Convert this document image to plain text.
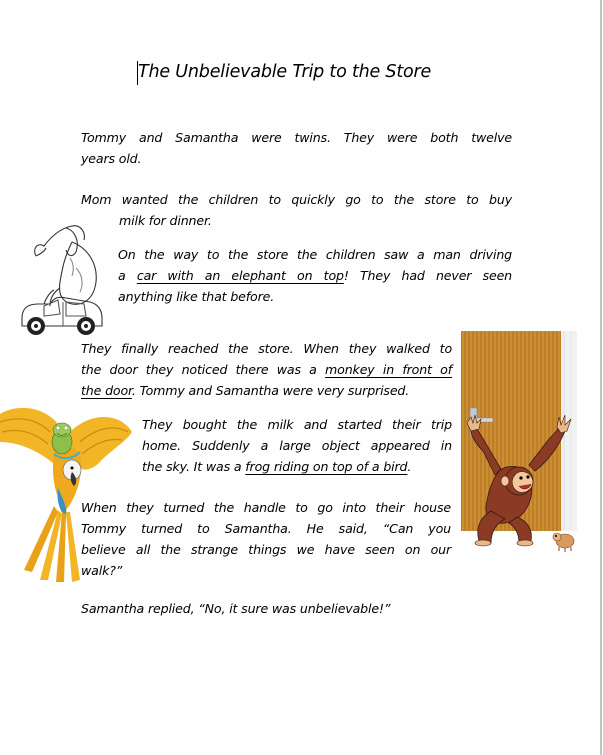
The Unbelievable Trip to the Store
Tommy and Samantha were twins. They were both twelve
years old.
Mom wanted the children to quickly go to the store to buy
milk for dinner.
On the way to the store the children saw a man driving
a car with an elephant on top! They had never seen
anything like that before.
They finally reached the store. When they walked to
the door they noticed there was a monkey in front of
the door. Tommy and Samantha were very surprised.
They bought the milk and started their trip
home. Suddenly a large object appeared in
the sky. It was a frog riding on top of a bird.
When they turned the handle to go into their house
Tommy turned to Samantha. He said, “Can you
believe all the strange things we have seen on our
walk?”
Samantha replied, “No, it sure was unbelievable!”
